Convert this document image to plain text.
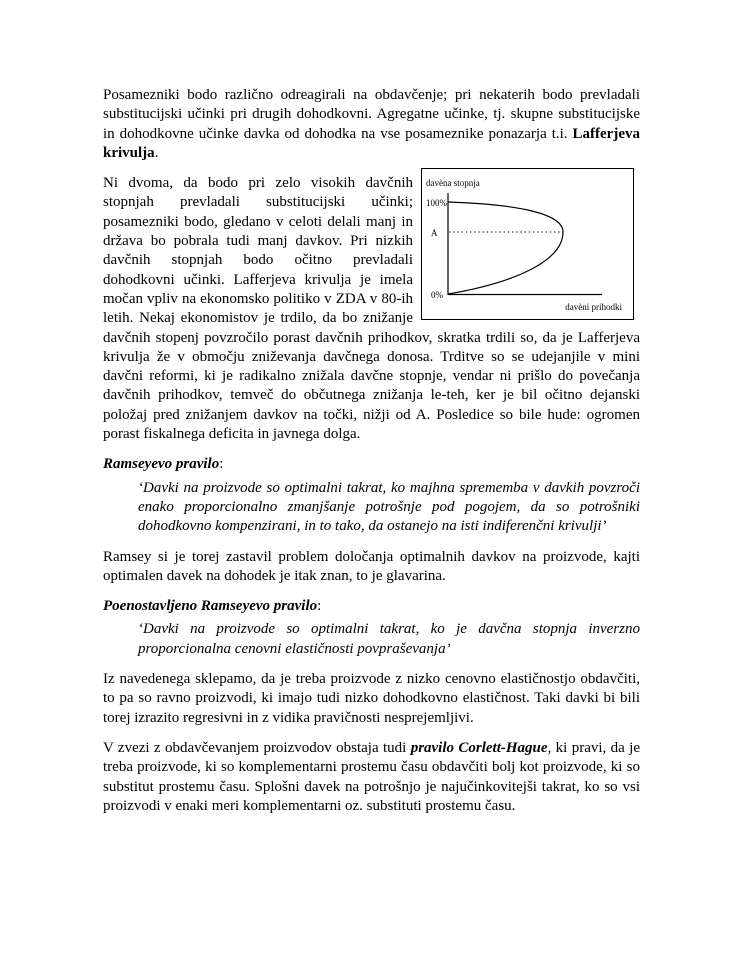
Posamezniki bodo različno odreagirali na obdavčenje; pri nekaterih bodo prevladali substitucijski učinki pri drugih dohodkovni. Agregatne učinke, tj. skupne substitucijske in dohodkovne učinke davka od dohodka na vse posameznike ponazarja t.i. Lafferjeva krivulja.

davèna stopnja
100%
0%
A
davèni prihodki
Ni dvoma, da bodo pri zelo visokih davčnih stopnjah prevladali substitucijski učinki; posamezniki bodo, gledano v celoti delali manj in država bo pobrala tudi manj davkov. Pri nizkih davčnih stopnjah bodo očitno prevladali dohodkovni učinki. Lafferjeva krivulja je imela močan vpliv na ekonomsko politiko v ZDA v 80-ih letih. Nekaj ekonomistov je trdilo, da bo znižanje davčnih stopenj povzročilo porast davčnih prihodkov, skratka trdili so, da je Lafferjeva krivulja že v območju zniževanja davčnega donosa. Trditve so se udejanjile v mini davčni reformi, ki je radikalno znižala davčne stopnje, vendar ni prišlo do povečanja davčnih prihodkov, temveč do občutnega znižanja le-teh, ker je bil očitno dejanski položaj pred znižanjem davkov na točki, nižji od A. Posledice so bile hude: ogromen porast fiskalnega deficita in javnega dolga.

Ramseyevo pravilo:

‘Davki na proizvode so optimalni takrat, ko majhna sprememba v davkih povzroči enako proporcionalno zmanjšanje potrošnje pod pogojem, da so potrošniki dohodkovno kompenzirani, in to tako, da ostanejo na isti indiferenčni krivulji’

Ramsey si je torej zastavil problem določanja optimalnih davkov na proizvode, kajti optimalen davek na dohodek je itak znan, to je glavarina.

Poenostavljeno Ramseyevo pravilo:

‘Davki na proizvode so optimalni takrat, ko je davčna stopnja inverzno proporcionalna cenovni elastičnosti povpraševanja’

Iz navedenega sklepamo, da je treba proizvode z nizko cenovno elastičnostjo obdavčiti, to pa so ravno proizvodi, ki imajo tudi nizko dohodkovno elastičnost. Taki davki bi bili torej izrazito regresivni in z vidika pravičnosti nesprejemljivi.

V zvezi z obdavčevanjem proizvodov obstaja tudi pravilo Corlett-Hague, ki pravi, da je treba proizvode, ki so komplementarni prostemu času obdavčiti bolj kot proizvode, ki so substitut prostemu času. Splošni davek na potrošnjo je najučinkovitejši takrat, ko so vsi proizvodi v enaki meri komplementarni oz. substituti prostemu času.
